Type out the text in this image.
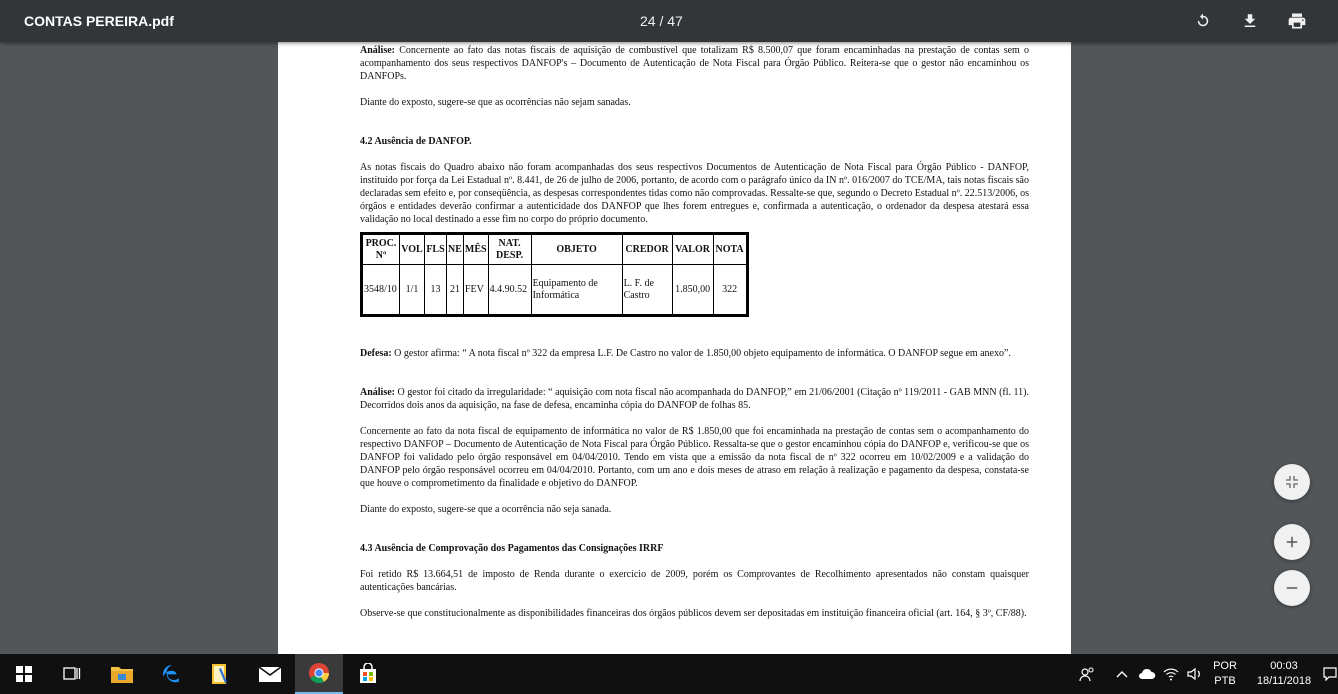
CONTAS PEREIRA.pdf	24 / 47

Análise: Concernente ao fato das notas fiscais de aquisição de combustível que totalizam R$ 8.500,07 que foram encaminhadas na prestação de contas sem o acompanhamento dos seus respectivos DANFOP's – Documento de Autenticação de Nota Fiscal para Órgão Público. Reitera-se que o gestor não encaminhou os DANFOPs.

Diante do exposto, sugere-se que as ocorrências não sejam sanadas.

4.2 Ausência de DANFOP.

As notas fiscais do Quadro abaixo não foram acompanhadas dos seus respectivos Documentos de Autenticação de Nota Fiscal para Órgão Público - DANFOP, instituído por força da Lei Estadual nº. 8.441, de 26 de julho de 2006, portanto, de acordo com o parágrafo único da IN nº. 016/2007 do TCE/MA, tais notas fiscais são declaradas sem efeito e, por conseqüência, as despesas correspondentes tidas como não comprovadas. Ressalte-se que, segundo o Decreto Estadual nº. 22.513/2006, os órgãos e entidades deverão confirmar a autenticidade dos DANFOP que lhes forem entregues e, confirmada a autenticação, o ordenador da despesa atestará essa validação no local destinado a esse fim no corpo do próprio documento.

PROC. Nº	VOL	FLS	NE	MÊS	NAT. DESP.	OBJETO	CREDOR	VALOR	NOTA
3548/10	1/1	13	21	FEV	4.4.90.52	Equipamento de Informática	L. F. de Castro	1.850,00	322

Defesa: O gestor afirma: “ A nota fiscal nº 322 da empresa L.F. De Castro no valor de 1.850,00 objeto equipamento de informática. O DANFOP segue em anexo”.

Análise: O gestor foi citado da irregularidade: “ aquisição com nota fiscal não acompanhada do DANFOP,” em 21/06/2001 (Citação nº 119/2011 - GAB MNN (fl. 11). Decorridos dois anos da aquisição, na fase de defesa, encaminha cópia do DANFOP de folhas 85.

Concernente ao fato da nota fiscal de equipamento de informática no valor de R$ 1.850,00 que foi encaminhada na prestação de contas sem o acompanhamento do respectivo DANFOP – Documento de Autenticação de Nota Fiscal para Órgão Público. Ressalta-se que o gestor encaminhou cópia do DANFOP e, verificou-se que os DANFOP foi validado pelo órgão responsável em 04/04/2010. Tendo em vista que a emissão da nota fiscal de nº 322 ocorreu em 10/02/2009 e a validação do DANFOP pelo órgão responsável ocorreu em 04/04/2010. Portanto, com um ano e dois meses de atraso em relação à realização e pagamento da despesa, constata-se que houve o comprometimento da finalidade e objetivo do DANFOP.

Diante do exposto, sugere-se que a ocorrência não seja sanada.

4.3 Ausência de Comprovação dos Pagamentos das Consignações IRRF

Foi retido R$ 13.664,51 de imposto de Renda durante o exercício de 2009, porém os Comprovantes de Recolhimento apresentados não constam quaisquer autenticações bancárias.

Observe-se que constitucionalmente as disponibilidades financeiras dos órgãos públicos devem ser depositadas em instituição financeira oficial (art. 164, § 3º, CF/88).

POR
PTB
00:03
18/11/2018
